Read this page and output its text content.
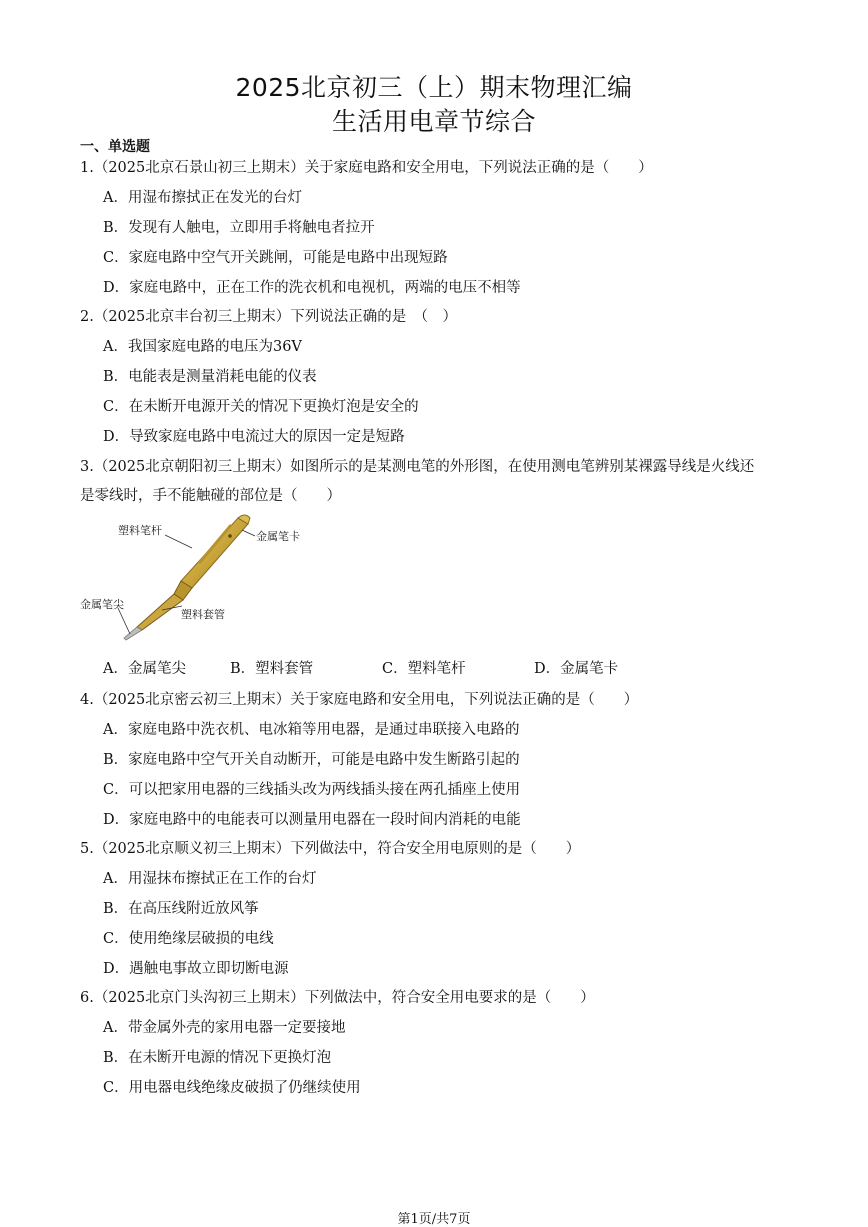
2025北京初三（上）期末物理汇编
生活用电章节综合
一、单选题
1.（2025北京石景山初三上期末）关于家庭电路和安全用电，下列说法正确的是（　　）
A．用湿布擦拭正在发光的台灯
B．发现有人触电，立即用手将触电者拉开
C．家庭电路中空气开关跳闸，可能是电路中出现短路
D．家庭电路中，正在工作的洗衣机和电视机，两端的电压不相等
2.（2025北京丰台初三上期末）下列说法正确的是　（　）
A．我国家庭电路的电压为36V
B．电能表是测量消耗电能的仪表
C．在未断开电源开关的情况下更换灯泡是安全的
D．导致家庭电路中电流过大的原因一定是短路
3.（2025北京朝阳初三上期末）如图所示的是某测电笔的外形图，在使用测电笔辨别某裸露导线是火线还
是零线时，手不能触碰的部位是（　　）
塑料笔杆	金属笔卡
金属笔尖
塑料套管
A．金属笔尖	B．塑料套管	C．塑料笔杆	D．金属笔卡
4.（2025北京密云初三上期末）关于家庭电路和安全用电，下列说法正确的是（　　）
A．家庭电路中洗衣机、电冰箱等用电器，是通过串联接入电路的
B．家庭电路中空气开关自动断开，可能是电路中发生断路引起的
C．可以把家用电器的三线插头改为两线插头接在两孔插座上使用
D．家庭电路中的电能表可以测量用电器在一段时间内消耗的电能
5.（2025北京顺义初三上期末）下列做法中，符合安全用电原则的是（　　）
A．用湿抹布擦拭正在工作的台灯
B．在高压线附近放风筝
C．使用绝缘层破损的电线
D．遇触电事故立即切断电源
6.（2025北京门头沟初三上期末）下列做法中，符合安全用电要求的是（　　）
A．带金属外壳的家用电器一定要接地
B．在未断开电源的情况下更换灯泡
C．用电器电线绝缘皮破损了仍继续使用
第1页/共7页
